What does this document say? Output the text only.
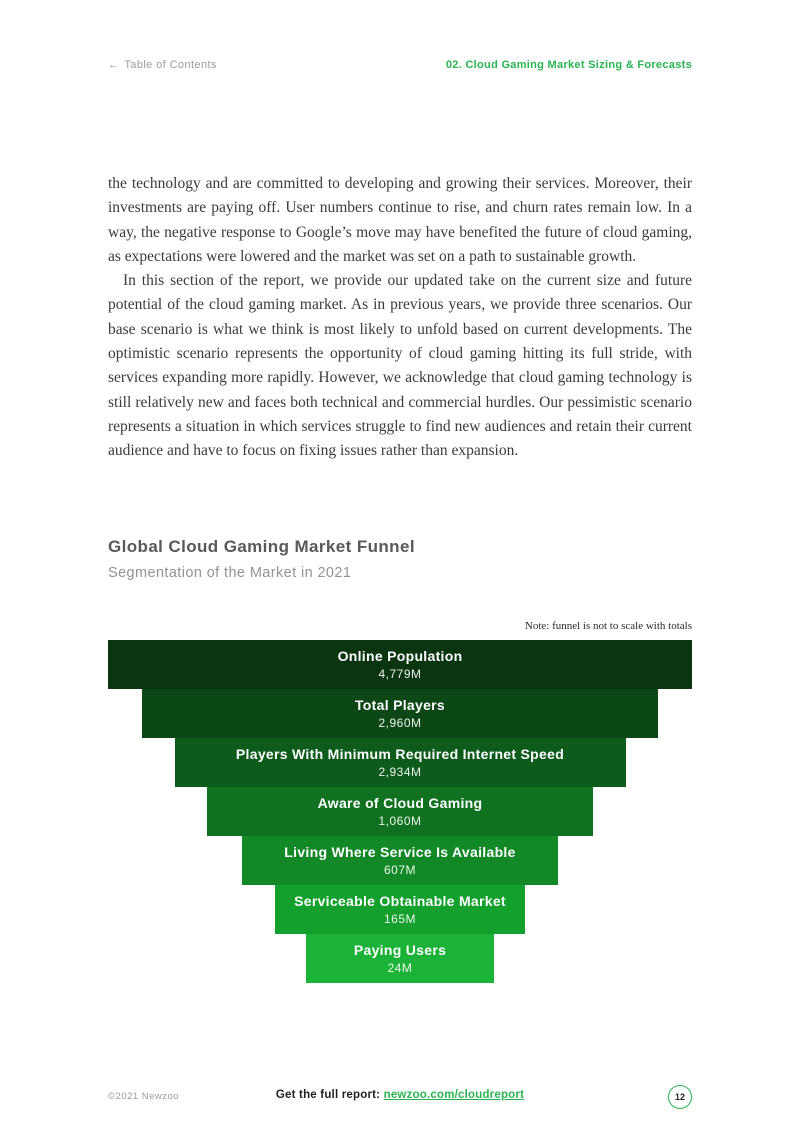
← Table of Contents	02. Cloud Gaming Market Sizing & Forecasts

the technology and are committed to developing and growing their services. Moreover, their investments are paying off. User numbers continue to rise, and churn rates remain low. In a way, the negative response to Google’s move may have benefited the future of cloud gaming, as expectations were lowered and the market was set on a path to sustainable growth.

In this section of the report, we provide our updated take on the current size and future potential of the cloud gaming market. As in previous years, we provide three scenarios. Our base scenario is what we think is most likely to unfold based on current developments. The optimistic scenario represents the opportunity of cloud gaming hitting its full stride, with services expanding more rapidly. However, we acknowledge that cloud gaming technology is still relatively new and faces both technical and commercial hurdles. Our pessimistic scenario represents a situation in which services struggle to find new audiences and retain their current audience and have to focus on fixing issues rather than expansion.

Global Cloud Gaming Market Funnel
Segmentation of the Market in 2021
Note: funnel is not to scale with totals
Online Population
4,779M
Total Players
2,960M
Players With Minimum Required Internet Speed
2,934M
Aware of Cloud Gaming
1,060M
Living Where Service Is Available
607M
Serviceable Obtainable Market
165M
Paying Users
24M
©2021 Newzoo	Get the full report: newzoo.com/cloudreport	12
